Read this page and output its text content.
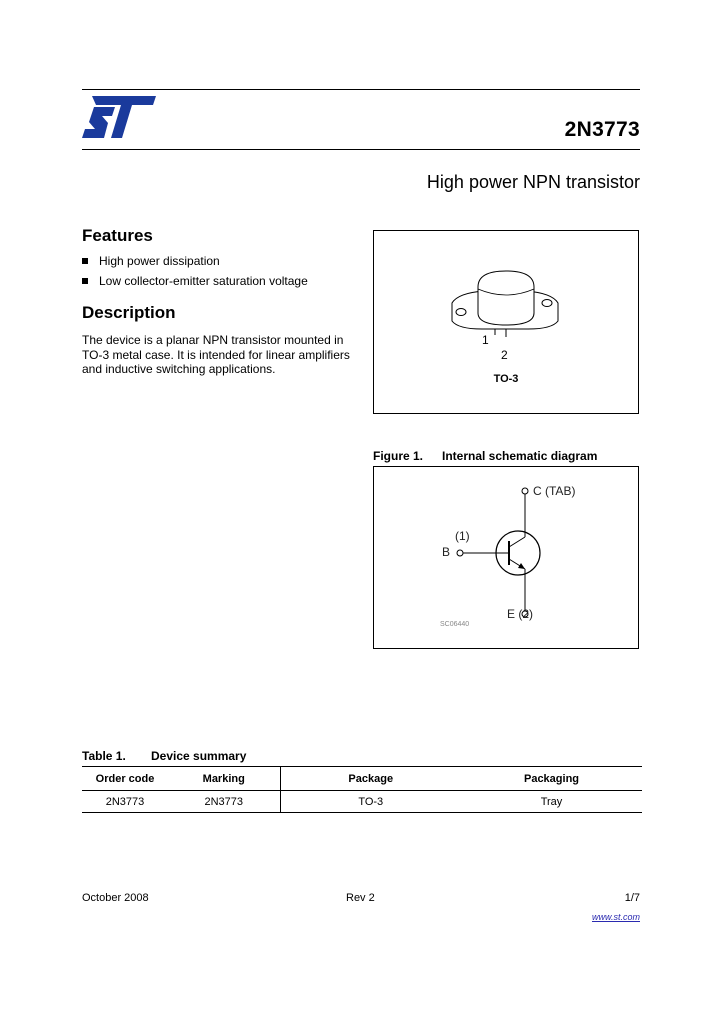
2N3773
High power NPN transistor
Features
High power dissipation
Low collector-emitter saturation voltage
Description
The device is a planar NPN transistor mounted in TO-3 metal case. It is intended for linear amplifiers and inductive switching applications.
1
2
TO-3
Figure 1. Internal schematic diagram
C (TAB)
(1)
B
E (2)
SC06440
Table 1. Device summary
Order code	Marking	Package	Packaging
2N3773	2N3773	TO-3	Tray
October 2008	Rev 2	1/7
www.st.com
